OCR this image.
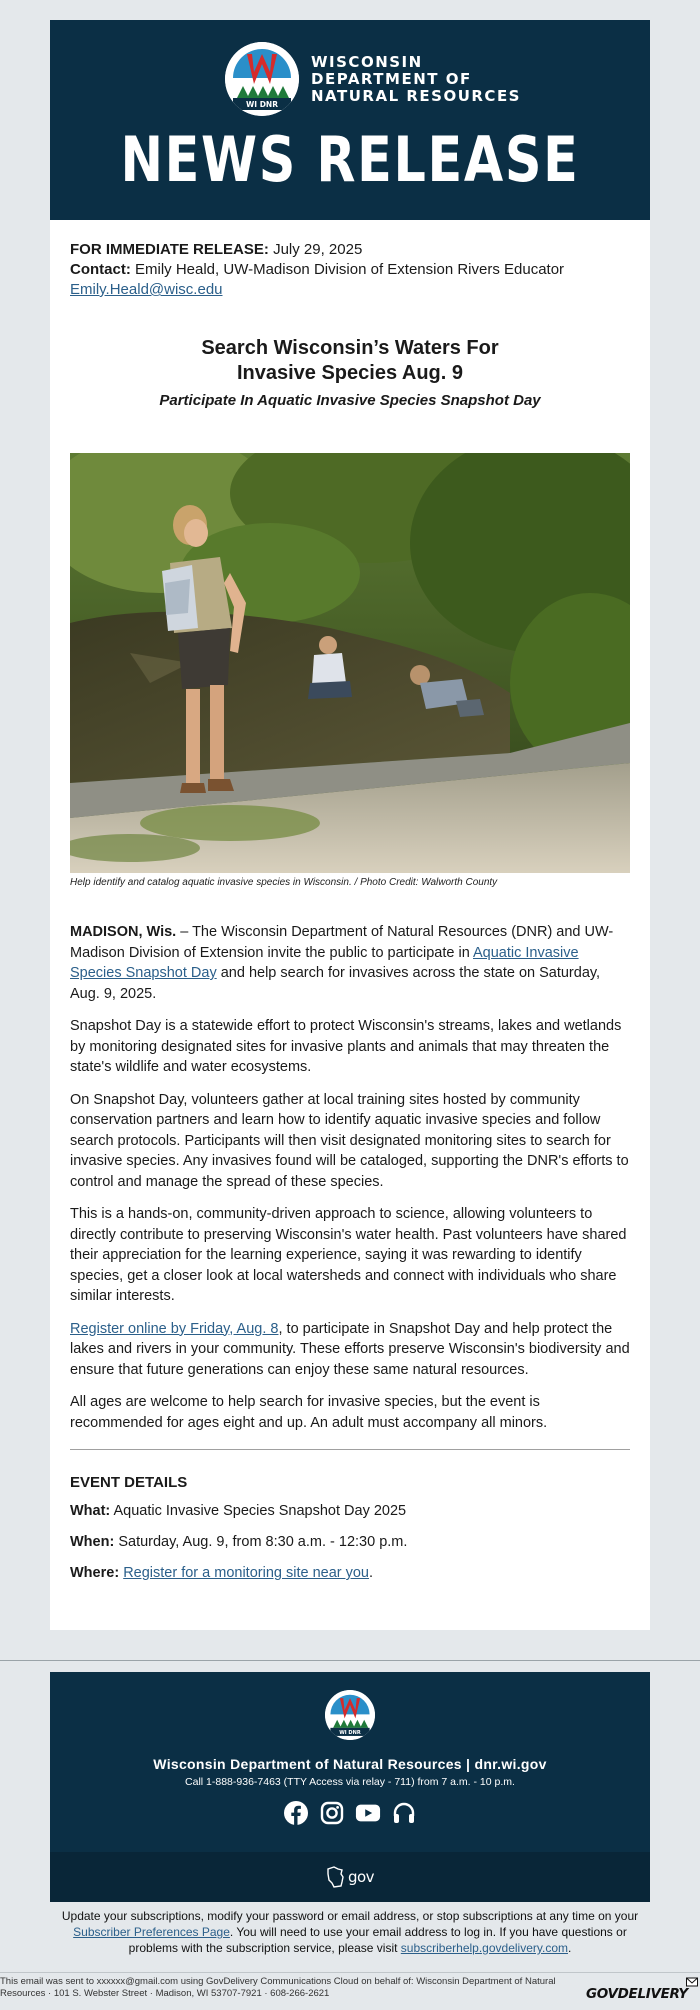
WI DNR
WISCONSIN
DEPARTMENT OF
NATURAL RESOURCES
NEWS RELEASE
FOR IMMEDIATE RELEASE: July 29, 2025
Contact: Emily Heald, UW-Madison Division of Extension Rivers Educator
Emily.Heald@wisc.edu
Search Wisconsin’s Waters For
Invasive Species Aug. 9
Participate In Aquatic Invasive Species Snapshot Day
Help identify and catalog aquatic invasive species in Wisconsin. / Photo Credit: Walworth County

MADISON, Wis. – The Wisconsin Department of Natural Resources (DNR) and UW-Madison Division of Extension invite the public to participate in Aquatic Invasive Species Snapshot Day and help search for invasives across the state on Saturday, Aug. 9, 2025.

Snapshot Day is a statewide effort to protect Wisconsin's streams, lakes and wetlands by monitoring designated sites for invasive plants and animals that may threaten the state's wildlife and water ecosystems.

On Snapshot Day, volunteers gather at local training sites hosted by community conservation partners and learn how to identify aquatic invasive species and follow search protocols. Participants will then visit designated monitoring sites to search for invasive species. Any invasives found will be cataloged, supporting the DNR's efforts to control and manage the spread of these species.

This is a hands-on, community-driven approach to science, allowing volunteers to directly contribute to preserving Wisconsin's water health. Past volunteers have shared their appreciation for the learning experience, saying it was rewarding to identify species, get a closer look at local watersheds and connect with individuals who share similar interests.

Register online by Friday, Aug. 8, to participate in Snapshot Day and help protect the lakes and rivers in your community. These efforts preserve Wisconsin's biodiversity and ensure that future generations can enjoy these same natural resources.

All ages are welcome to help search for invasive species, but the event is recommended for ages eight and up. An adult must accompany all minors.

EVENT DETAILS
What: Aquatic Invasive Species Snapshot Day 2025
When: Saturday, Aug. 9, from 8:30 a.m. - 12:30 p.m.
Where: Register for a monitoring site near you.
WI DNR
Wisconsin Department of Natural Resources | dnr.wi.gov
Call 1-888-936-7463 (TTY Access via relay - 711) from 7 a.m. - 10 p.m.
gov
Update your subscriptions, modify your password or email address, or stop subscriptions at any time on your Subscriber Preferences Page. You will need to use your email address to log in. If you have questions or problems with the subscription service, please visit subscriberhelp.govdelivery.com.
This email was sent to xxxxxx@gmail.com using GovDelivery Communications Cloud on behalf of: Wisconsin Department of Natural Resources · 101 S. Webster Street · Madison, WI 53707-7921 · 608-266-2621	GOVDELIVERY
